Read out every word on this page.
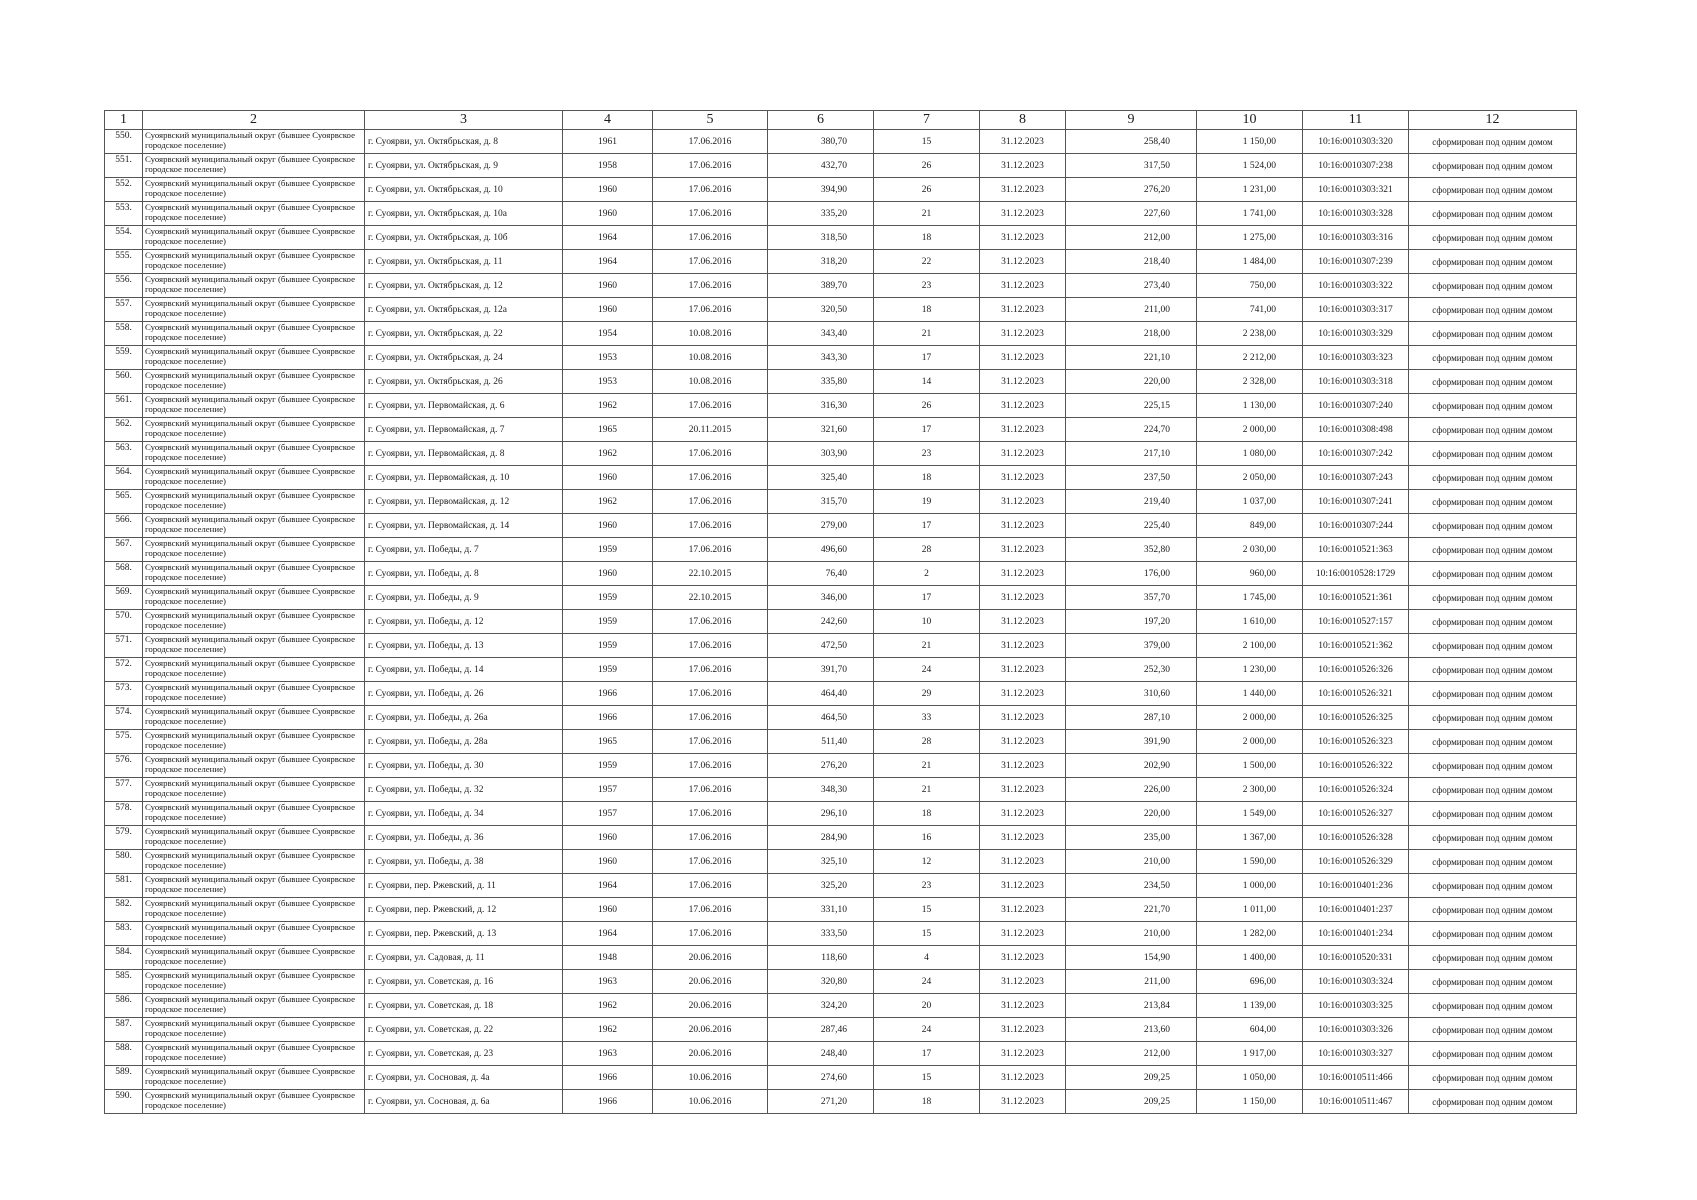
1	2	3	4	5	6	7	8	9	10	11	12
550.	Суоярвский муниципальный округ (бывшее Суоярвское городское поселение)	г. Суоярви, ул. Октябрьская, д. 8	1961	17.06.2016	380,70	15	31.12.2023	258,40	1 150,00	10:16:0010303:320	сформирован под одним домом
551.	Суоярвский муниципальный округ (бывшее Суоярвское городское поселение)	г. Суоярви, ул. Октябрьская, д. 9	1958	17.06.2016	432,70	26	31.12.2023	317,50	1 524,00	10:16:0010307:238	сформирован под одним домом
552.	Суоярвский муниципальный округ (бывшее Суоярвское городское поселение)	г. Суоярви, ул. Октябрьская, д. 10	1960	17.06.2016	394,90	26	31.12.2023	276,20	1 231,00	10:16:0010303:321	сформирован под одним домом
553.	Суоярвский муниципальный округ (бывшее Суоярвское городское поселение)	г. Суоярви, ул. Октябрьская, д. 10а	1960	17.06.2016	335,20	21	31.12.2023	227,60	1 741,00	10:16:0010303:328	сформирован под одним домом
554.	Суоярвский муниципальный округ (бывшее Суоярвское городское поселение)	г. Суоярви, ул. Октябрьская, д. 10б	1964	17.06.2016	318,50	18	31.12.2023	212,00	1 275,00	10:16:0010303:316	сформирован под одним домом
555.	Суоярвский муниципальный округ (бывшее Суоярвское городское поселение)	г. Суоярви, ул. Октябрьская, д. 11	1964	17.06.2016	318,20	22	31.12.2023	218,40	1 484,00	10:16:0010307:239	сформирован под одним домом
556.	Суоярвский муниципальный округ (бывшее Суоярвское городское поселение)	г. Суоярви, ул. Октябрьская, д. 12	1960	17.06.2016	389,70	23	31.12.2023	273,40	750,00	10:16:0010303:322	сформирован под одним домом
557.	Суоярвский муниципальный округ (бывшее Суоярвское городское поселение)	г. Суоярви, ул. Октябрьская, д. 12а	1960	17.06.2016	320,50	18	31.12.2023	211,00	741,00	10:16:0010303:317	сформирован под одним домом
558.	Суоярвский муниципальный округ (бывшее Суоярвское городское поселение)	г. Суоярви, ул. Октябрьская, д. 22	1954	10.08.2016	343,40	21	31.12.2023	218,00	2 238,00	10:16:0010303:329	сформирован под одним домом
559.	Суоярвский муниципальный округ (бывшее Суоярвское городское поселение)	г. Суоярви, ул. Октябрьская, д. 24	1953	10.08.2016	343,30	17	31.12.2023	221,10	2 212,00	10:16:0010303:323	сформирован под одним домом
560.	Суоярвский муниципальный округ (бывшее Суоярвское городское поселение)	г. Суоярви, ул. Октябрьская, д. 26	1953	10.08.2016	335,80	14	31.12.2023	220,00	2 328,00	10:16:0010303:318	сформирован под одним домом
561.	Суоярвский муниципальный округ (бывшее Суоярвское городское поселение)	г. Суоярви, ул. Первомайская, д. 6	1962	17.06.2016	316,30	26	31.12.2023	225,15	1 130,00	10:16:0010307:240	сформирован под одним домом
562.	Суоярвский муниципальный округ (бывшее Суоярвское городское поселение)	г. Суоярви, ул. Первомайская, д. 7	1965	20.11.2015	321,60	17	31.12.2023	224,70	2 000,00	10:16:0010308:498	сформирован под одним домом
563.	Суоярвский муниципальный округ (бывшее Суоярвское городское поселение)	г. Суоярви, ул. Первомайская, д. 8	1962	17.06.2016	303,90	23	31.12.2023	217,10	1 080,00	10:16:0010307:242	сформирован под одним домом
564.	Суоярвский муниципальный округ (бывшее Суоярвское городское поселение)	г. Суоярви, ул. Первомайская, д. 10	1960	17.06.2016	325,40	18	31.12.2023	237,50	2 050,00	10:16:0010307:243	сформирован под одним домом
565.	Суоярвский муниципальный округ (бывшее Суоярвское городское поселение)	г. Суоярви, ул. Первомайская, д. 12	1962	17.06.2016	315,70	19	31.12.2023	219,40	1 037,00	10:16:0010307:241	сформирован под одним домом
566.	Суоярвский муниципальный округ (бывшее Суоярвское городское поселение)	г. Суоярви, ул. Первомайская, д. 14	1960	17.06.2016	279,00	17	31.12.2023	225,40	849,00	10:16:0010307:244	сформирован под одним домом
567.	Суоярвский муниципальный округ (бывшее Суоярвское городское поселение)	г. Суоярви, ул. Победы, д. 7	1959	17.06.2016	496,60	28	31.12.2023	352,80	2 030,00	10:16:0010521:363	сформирован под одним домом
568.	Суоярвский муниципальный округ (бывшее Суоярвское городское поселение)	г. Суоярви, ул. Победы, д. 8	1960	22.10.2015	76,40	2	31.12.2023	176,00	960,00	10:16:0010528:1729	сформирован под одним домом
569.	Суоярвский муниципальный округ (бывшее Суоярвское городское поселение)	г. Суоярви, ул. Победы, д. 9	1959	22.10.2015	346,00	17	31.12.2023	357,70	1 745,00	10:16:0010521:361	сформирован под одним домом
570.	Суоярвский муниципальный округ (бывшее Суоярвское городское поселение)	г. Суоярви, ул. Победы, д. 12	1959	17.06.2016	242,60	10	31.12.2023	197,20	1 610,00	10:16:0010527:157	сформирован под одним домом
571.	Суоярвский муниципальный округ (бывшее Суоярвское городское поселение)	г. Суоярви, ул. Победы, д. 13	1959	17.06.2016	472,50	21	31.12.2023	379,00	2 100,00	10:16:0010521:362	сформирован под одним домом
572.	Суоярвский муниципальный округ (бывшее Суоярвское городское поселение)	г. Суоярви, ул. Победы, д. 14	1959	17.06.2016	391,70	24	31.12.2023	252,30	1 230,00	10:16:0010526:326	сформирован под одним домом
573.	Суоярвский муниципальный округ (бывшее Суоярвское городское поселение)	г. Суоярви, ул. Победы, д. 26	1966	17.06.2016	464,40	29	31.12.2023	310,60	1 440,00	10:16:0010526:321	сформирован под одним домом
574.	Суоярвский муниципальный округ (бывшее Суоярвское городское поселение)	г. Суоярви, ул. Победы, д. 26а	1966	17.06.2016	464,50	33	31.12.2023	287,10	2 000,00	10:16:0010526:325	сформирован под одним домом
575.	Суоярвский муниципальный округ (бывшее Суоярвское городское поселение)	г. Суоярви, ул. Победы, д. 28а	1965	17.06.2016	511,40	28	31.12.2023	391,90	2 000,00	10:16:0010526:323	сформирован под одним домом
576.	Суоярвский муниципальный округ (бывшее Суоярвское городское поселение)	г. Суоярви, ул. Победы, д. 30	1959	17.06.2016	276,20	21	31.12.2023	202,90	1 500,00	10:16:0010526:322	сформирован под одним домом
577.	Суоярвский муниципальный округ (бывшее Суоярвское городское поселение)	г. Суоярви, ул. Победы, д. 32	1957	17.06.2016	348,30	21	31.12.2023	226,00	2 300,00	10:16:0010526:324	сформирован под одним домом
578.	Суоярвский муниципальный округ (бывшее Суоярвское городское поселение)	г. Суоярви, ул. Победы, д. 34	1957	17.06.2016	296,10	18	31.12.2023	220,00	1 549,00	10:16:0010526:327	сформирован под одним домом
579.	Суоярвский муниципальный округ (бывшее Суоярвское городское поселение)	г. Суоярви, ул. Победы, д. 36	1960	17.06.2016	284,90	16	31.12.2023	235,00	1 367,00	10:16:0010526:328	сформирован под одним домом
580.	Суоярвский муниципальный округ (бывшее Суоярвское городское поселение)	г. Суоярви, ул. Победы, д. 38	1960	17.06.2016	325,10	12	31.12.2023	210,00	1 590,00	10:16:0010526:329	сформирован под одним домом
581.	Суоярвский муниципальный округ (бывшее Суоярвское городское поселение)	г. Суоярви, пер. Ржевский, д. 11	1964	17.06.2016	325,20	23	31.12.2023	234,50	1 000,00	10:16:0010401:236	сформирован под одним домом
582.	Суоярвский муниципальный округ (бывшее Суоярвское городское поселение)	г. Суоярви, пер. Ржевский, д. 12	1960	17.06.2016	331,10	15	31.12.2023	221,70	1 011,00	10:16:0010401:237	сформирован под одним домом
583.	Суоярвский муниципальный округ (бывшее Суоярвское городское поселение)	г. Суоярви, пер. Ржевский, д. 13	1964	17.06.2016	333,50	15	31.12.2023	210,00	1 282,00	10:16:0010401:234	сформирован под одним домом
584.	Суоярвский муниципальный округ (бывшее Суоярвское городское поселение)	г. Суоярви, ул. Садовая, д. 11	1948	20.06.2016	118,60	4	31.12.2023	154,90	1 400,00	10:16:0010520:331	сформирован под одним домом
585.	Суоярвский муниципальный округ (бывшее Суоярвское городское поселение)	г. Суоярви, ул. Советская, д. 16	1963	20.06.2016	320,80	24	31.12.2023	211,00	696,00	10:16:0010303:324	сформирован под одним домом
586.	Суоярвский муниципальный округ (бывшее Суоярвское городское поселение)	г. Суоярви, ул. Советская, д. 18	1962	20.06.2016	324,20	20	31.12.2023	213,84	1 139,00	10:16:0010303:325	сформирован под одним домом
587.	Суоярвский муниципальный округ (бывшее Суоярвское городское поселение)	г. Суоярви, ул. Советская, д. 22	1962	20.06.2016	287,46	24	31.12.2023	213,60	604,00	10:16:0010303:326	сформирован под одним домом
588.	Суоярвский муниципальный округ (бывшее Суоярвское городское поселение)	г. Суоярви, ул. Советская, д. 23	1963	20.06.2016	248,40	17	31.12.2023	212,00	1 917,00	10:16:0010303:327	сформирован под одним домом
589.	Суоярвский муниципальный округ (бывшее Суоярвское городское поселение)	г. Суоярви, ул. Сосновая, д. 4а	1966	10.06.2016	274,60	15	31.12.2023	209,25	1 050,00	10:16:0010511:466	сформирован под одним домом
590.	Суоярвский муниципальный округ (бывшее Суоярвское городское поселение)	г. Суоярви, ул. Сосновая, д. 6а	1966	10.06.2016	271,20	18	31.12.2023	209,25	1 150,00	10:16:0010511:467	сформирован под одним домом
